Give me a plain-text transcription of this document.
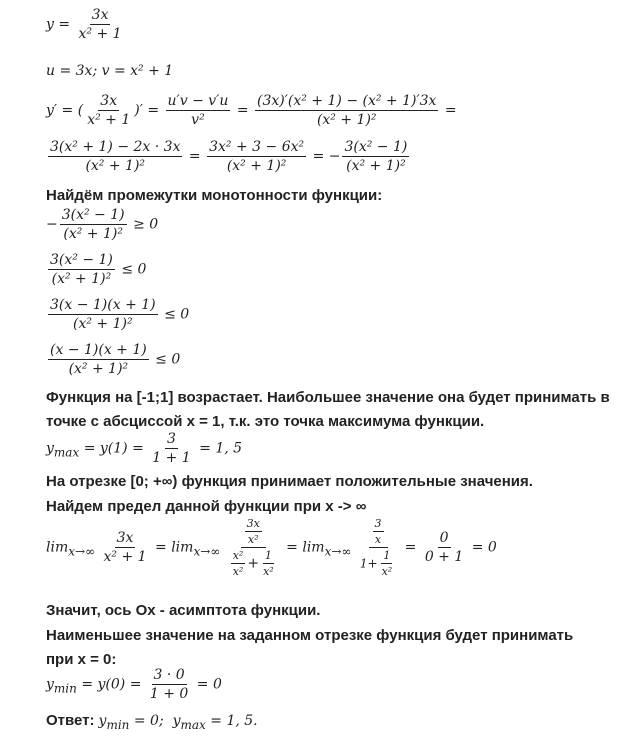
$y = \frac{3x}{\text{x² + 1}}$
u = 3x; v = x² + 1
y′ = ( $\frac{3x}{\text{x² + 1}}$ )′ = $\frac{u'v - v'u}{\text{v²}} = \frac{\text{(3x)′(x² + 1) − (x² + 1)′3x}}{\text{(x² + 1)²}}$ =
$\frac{\text{3(x² + 1) − 2x · 3x}}{\text{(x² + 1)²}} = \frac{\text{3x² + 3 − 6x²}}{\text{(x² + 1)²}}$ = − $\frac{\text{3(x² − 1)}}{\text{(x² + 1)²}}$
Найдём промежутки монотонности функции:
− $\frac{\text{3(x² − 1)}}{\text{(x² + 1)²}} \ge 0$
$\frac{\text{3(x² − 1)}}{\text{(x² + 1)²}} \le 0$
$\frac{3(x - 1)(x + 1)}{\text{(x² + 1)²}} \le 0$
$\frac{(x - 1)(x + 1)}{\text{(x² + 1)²}} \le 0$
Функция на [-1;1] возрастает. Наибольшее значение она будет принимать в
точке с абсциссой х = 1, т.к. это точка максимума функции.
$y_{max} = y(1) = \frac{3}{1 + 1} = 1$, 5
На отрезке [0; +∞) функция принимает положительные значения.
Найдем предел данной функции при х -> ∞
$\lim_{x\to\infty} \frac{3x}{\text{x² + 1}} = \lim_{x\to\infty} \frac{\frac{3x}{\text{x²}}}{\frac{\text{x²}}{\text{x²}} + \frac{1}{\text{x²}}} = \lim_{x\to\infty} \frac{\frac{3}{x}}{1+ \frac{1}{\text{x²}}} = \frac{0}{0 + 1} = 0$
Значит, ось Ох - асимптота функции.
Наименьшее значение на заданном отрезке функция будет принимать
при х = 0:
$y_{min} = y(0) = \frac{3 \cdot 0}{1 + 0} = 0$
Ответ: $y_{min} = 0$; $y_{max} = 1$, 5.
